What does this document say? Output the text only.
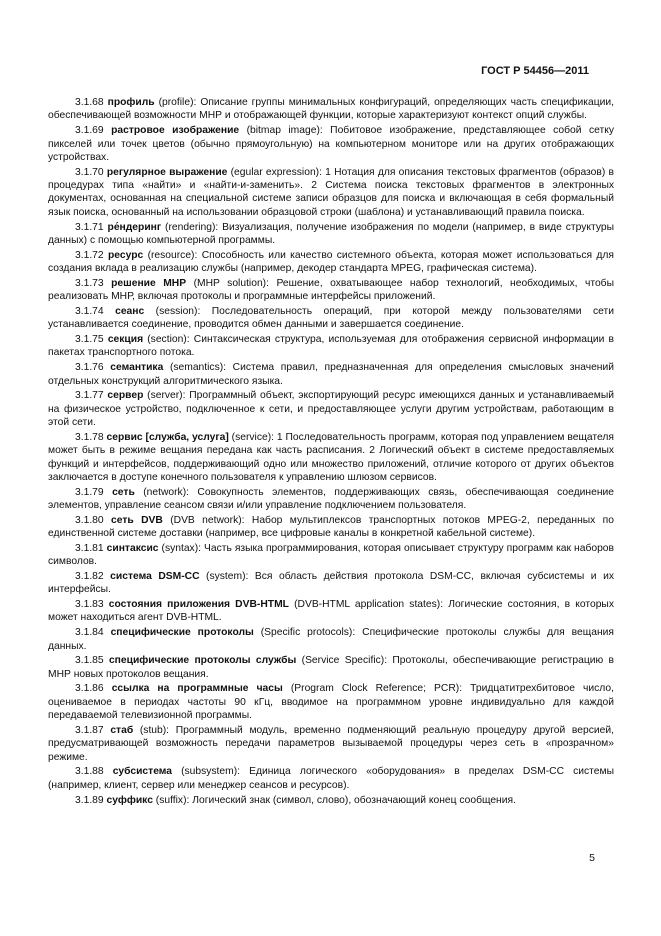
ГОСТ Р 54456—2011

3.1.68 профиль (profile): Описание группы минимальных конфигураций, определяющих часть спецификации, обеспечивающей возможности МНР и отображающей функции, которые характеризуют контекст опций службы.

3.1.69 растровое изображение (bitmap image): Побитовое изображение, представляющее собой сетку пикселей или точек цветов (обычно прямоугольную) на компьютерном мониторе или на других отображающих устройствах.

3.1.70 регулярное выражение (egular expression): 1 Нотация для описания текстовых фрагментов (образов) в процедурах типа «найти» и «найти-и-заменить». 2 Система поиска текстовых фрагментов в электронных документах, основанная на специальной системе записи образцов для поиска и включающая в себя формальный язык поиска, основанный на использовании образцовой строки (шаблона) и устанавливающий правила поиска.

3.1.71 ре́ндеринг (rendering): Визуализация, получение изображения по модели (например, в виде структуры данных) с помощью компьютерной программы.

3.1.72 ресурс (resource): Способность или качество системного объекта, которая может использоваться для создания вклада в реализацию службы (например, декодер стандарта MPEG, графическая система).

3.1.73 решение МНР (MHP solution): Решение, охватывающее набор технологий, необходимых, чтобы реализовать МНР, включая протоколы и программные интерфейсы приложений.

3.1.74 сеанс (session): Последовательность операций, при которой между пользователями сети устанавливается соединение, проводится обмен данными и завершается соединение.

3.1.75 секция (section): Синтаксическая структура, используемая для отображения сервисной информации в пакетах транспортного потока.

3.1.76 семантика (semantics): Система правил, предназначенная для определения смысловых значений отдельных конструкций алгоритмического языка.

3.1.77 сервер (server): Программный объект, экспортирующий ресурс имеющихся данных и устанавливаемый на физическое устройство, подключенное к сети, и предоставляющее услуги другим устройствам, работающим в этой сети.

3.1.78 сервис [служба, услуга] (service): 1 Последовательность программ, которая под управлением вещателя может быть в режиме вещания передана как часть расписания. 2 Логический объект в системе предоставляемых функций и интерфейсов, поддерживающий одно или множество приложений, отличие которого от других объектов заключается в доступе конечного пользователя к управлению шлюзом сервисов.

3.1.79 сеть (network): Совокупность элементов, поддерживающих связь, обеспечивающая соединение элементов, управление сеансом связи и/или управление подключением пользователя.

3.1.80 сеть DVB (DVB network): Набор мультиплексов транспортных потоков MPEG-2, переданных по единственной системе доставки (например, все цифровые каналы в конкретной кабельной системе).

3.1.81 синтаксис (syntax): Часть языка программирования, которая описывает структуру программ как наборов символов.

3.1.82 система DSM-CC (system): Вся область действия протокола DSM-CC, включая субсистемы и их интерфейсы.

3.1.83 состояния приложения DVB-HTML (DVB-HTML application states): Логические состояния, в которых может находиться агент DVB-HTML.

3.1.84 специфические протоколы (Specific protocols): Специфические протоколы службы для вещания данных.

3.1.85 специфические протоколы службы (Service Specific): Протоколы, обеспечивающие регистрацию в МНР новых протоколов вещания.

3.1.86 ссылка на программные часы (Program Clock Reference; PCR): Тридцатитрехбитовое число, оцениваемое в периодах частоты 90 кГц, вводимое на программном уровне индивидуально для каждой передаваемой телевизионной программы.

3.1.87 стаб (stub): Программный модуль, временно подменяющий реальную процедуру другой версией, предусматривающей возможность передачи параметров вызываемой процедуры через сеть в «прозрачном» режиме.

3.1.88 субсистема (subsystem): Единица логического «оборудования» в пределах DSM-CC системы (например, клиент, сервер или менеджер сеансов и ресурсов).

3.1.89 суффикс (suffix): Логический знак (символ, слово), обозначающий конец сообщения.

5
